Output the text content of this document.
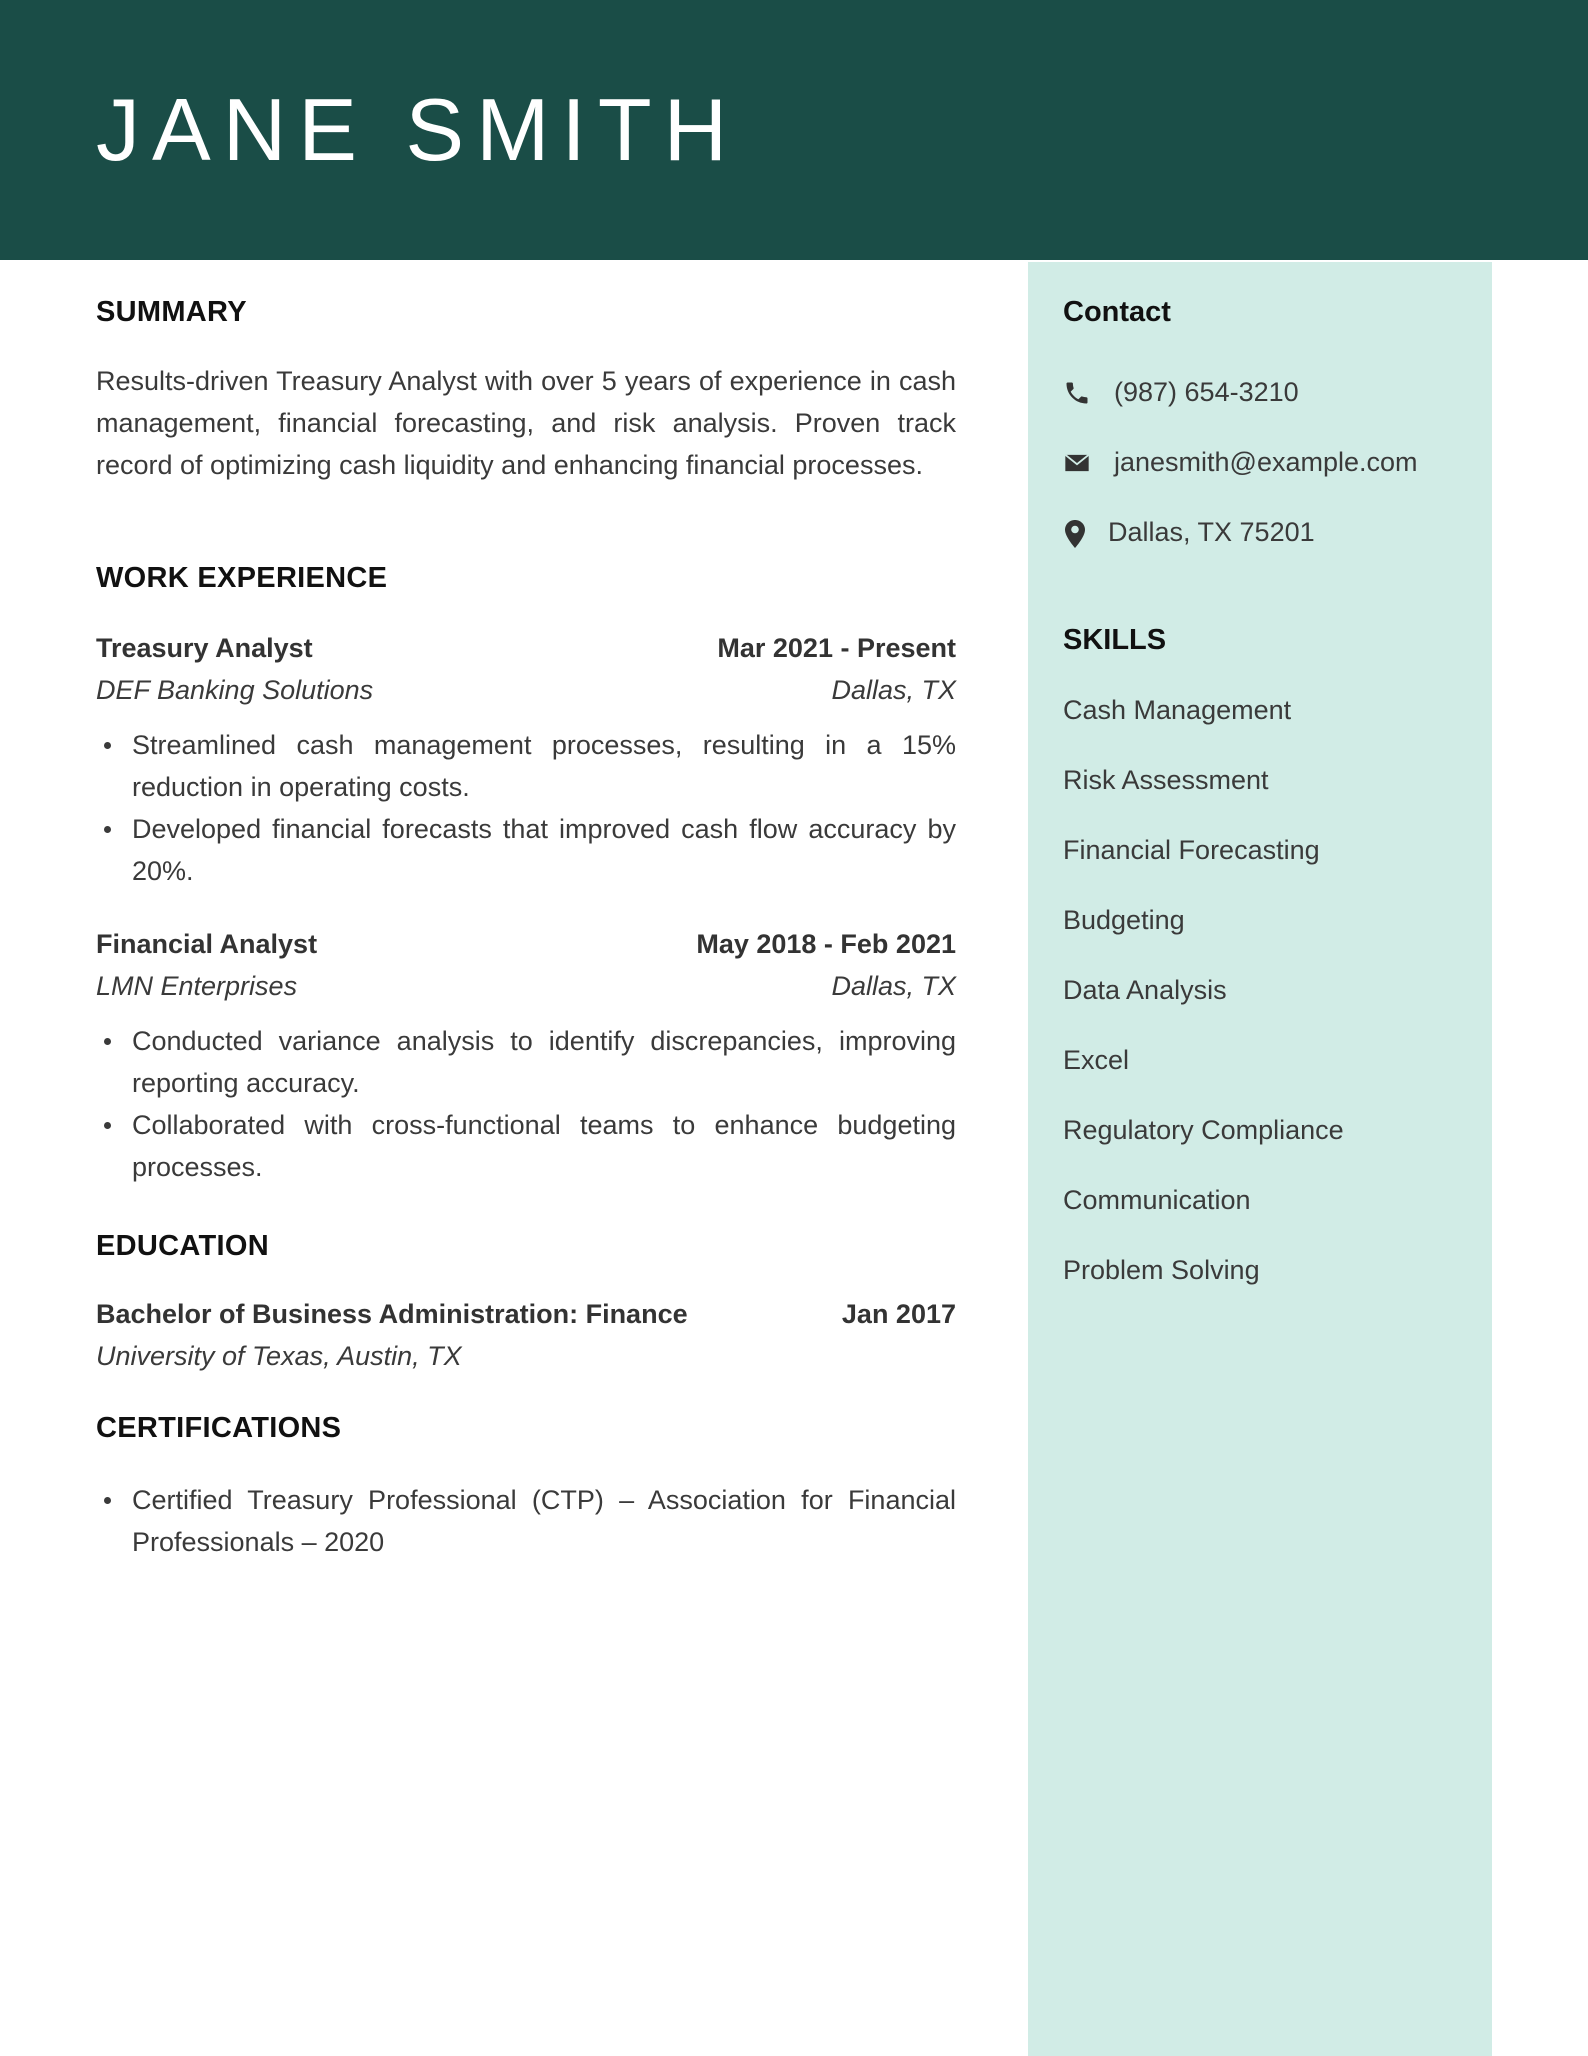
JANE SMITH
SUMMARY
Results-driven Treasury Analyst with over 5 years of experience in cash management, financial forecasting, and risk analysis. Proven track record of optimizing cash liquidity and enhancing financial processes.
WORK EXPERIENCE
Treasury Analyst	Mar 2021 - Present
DEF Banking Solutions	Dallas, TX
Streamlined cash management processes, resulting in a 15% reduction in operating costs.
Developed financial forecasts that improved cash flow accuracy by 20%.
Financial Analyst	May 2018 - Feb 2021
LMN Enterprises	Dallas, TX
Conducted variance analysis to identify discrepancies, improving reporting accuracy.
Collaborated with cross-functional teams to enhance budgeting processes.
EDUCATION
Bachelor of Business Administration: Finance	Jan 2017
University of Texas, Austin, TX
CERTIFICATIONS
Certified Treasury Professional (CTP) – Association for Financial Professionals – 2020
Contact
(987) 654-3210
janesmith@example.com
Dallas, TX 75201
SKILLS
Cash Management
Risk Assessment
Financial Forecasting
Budgeting
Data Analysis
Excel
Regulatory Compliance
Communication
Problem Solving
